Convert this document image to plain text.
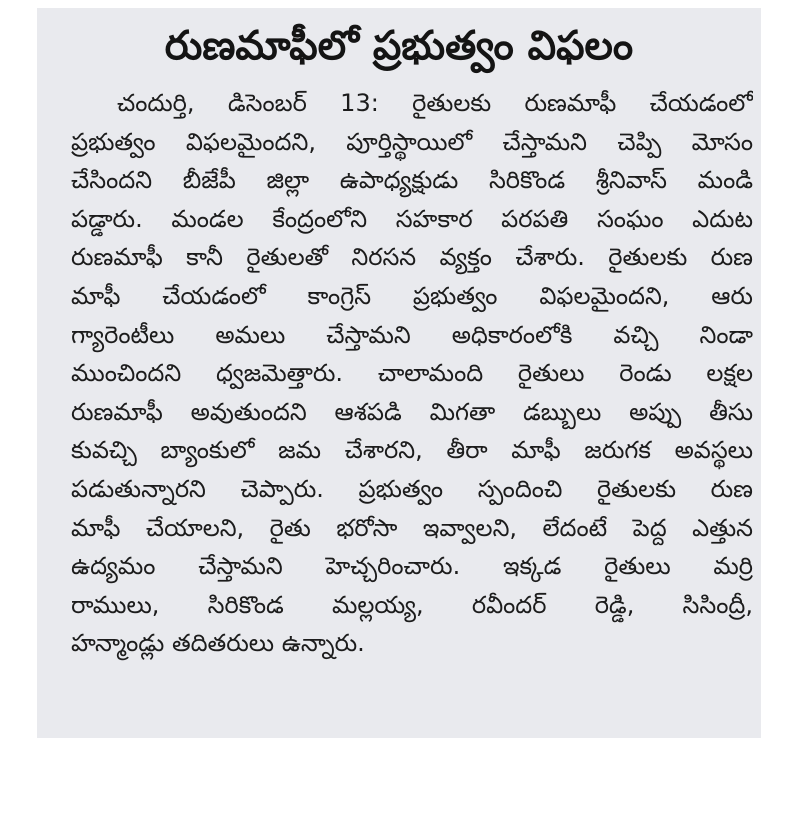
రుణమాఫీలో ప్రభుత్వం విఫలం
చందుర్తి, డిసెంబర్ 13: రైతులకు రుణమాఫీ చేయడంలో
ప్రభుత్వం విఫలమైందని, పూర్తిస్థాయిలో చేస్తామని చెప్పి మోసం
చేసిందని బీజేపీ జిల్లా ఉపాధ్యక్షుడు సిరికొండ శ్రీనివాస్ మండి
పడ్డారు. మండల కేంద్రంలోని సహకార పరపతి సంఘం ఎదుట
రుణమాఫీ కానీ రైతులతో నిరసన వ్యక్తం చేశారు. రైతులకు రుణ
మాఫీ చేయడంలో కాంగ్రెస్ ప్రభుత్వం విఫలమైందని, ఆరు
గ్యారెంటీలు అమలు చేస్తామని అధికారంలోకి వచ్చి నిండా
ముంచిందని ధ్వజమెత్తారు. చాలామంది రైతులు రెండు లక్షల
రుణమాఫీ అవుతుందని ఆశపడి మిగతా డబ్బులు అప్పు తీసు
కువచ్చి బ్యాంకులో జమ చేశారని, తీరా మాఫీ జరుగక అవస్థలు
పడుతున్నారని చెప్పారు. ప్రభుత్వం స్పందించి రైతులకు రుణ
మాఫీ చేయాలని, రైతు భరోసా ఇవ్వాలని, లేదంటే పెద్ద ఎత్తున
ఉద్యమం చేస్తామని హెచ్చరించారు. ఇక్కడ రైతులు మర్రి
రాములు, సిరికొండ మల్లయ్య, రవీందర్ రెడ్డి, సిసింద్రీ,
హన్మాండ్లు తదితరులు ఉన్నారు.
